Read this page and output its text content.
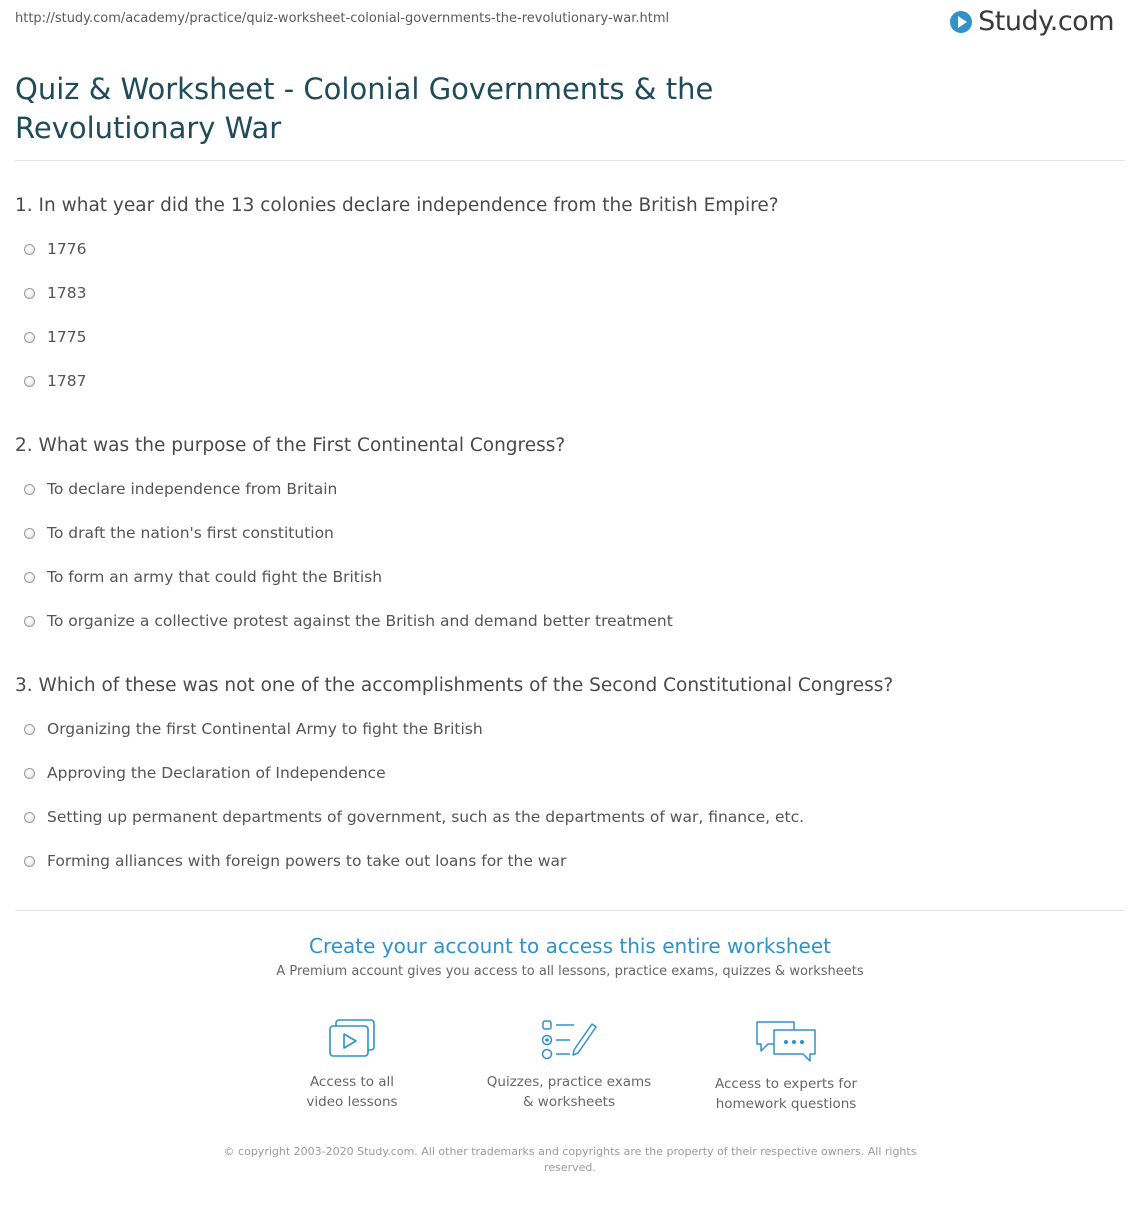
http://study.com/academy/practice/quiz-worksheet-colonial-governments-the-revolutionary-war.html	Study.com
Quiz & Worksheet - Colonial Governments & the Revolutionary War
1. In what year did the 13 colonies declare independence from the British Empire?
1776
1783
1775
1787
2. What was the purpose of the First Continental Congress?
To declare independence from Britain
To draft the nation's first constitution
To form an army that could fight the British
To organize a collective protest against the British and demand better treatment
3. Which of these was not one of the accomplishments of the Second Constitutional Congress?
Organizing the first Continental Army to fight the British
Approving the Declaration of Independence
Setting up permanent departments of government, such as the departments of war, finance, etc.
Forming alliances with foreign powers to take out loans for the war
Create your account to access this entire worksheet
A Premium account gives you access to all lessons, practice exams, quizzes & worksheets
Access to all
video lessons
Quizzes, practice exams
& worksheets
Access to experts for
homework questions
© copyright 2003-2020 Study.com. All other trademarks and copyrights are the property of their respective owners. All rights reserved.
